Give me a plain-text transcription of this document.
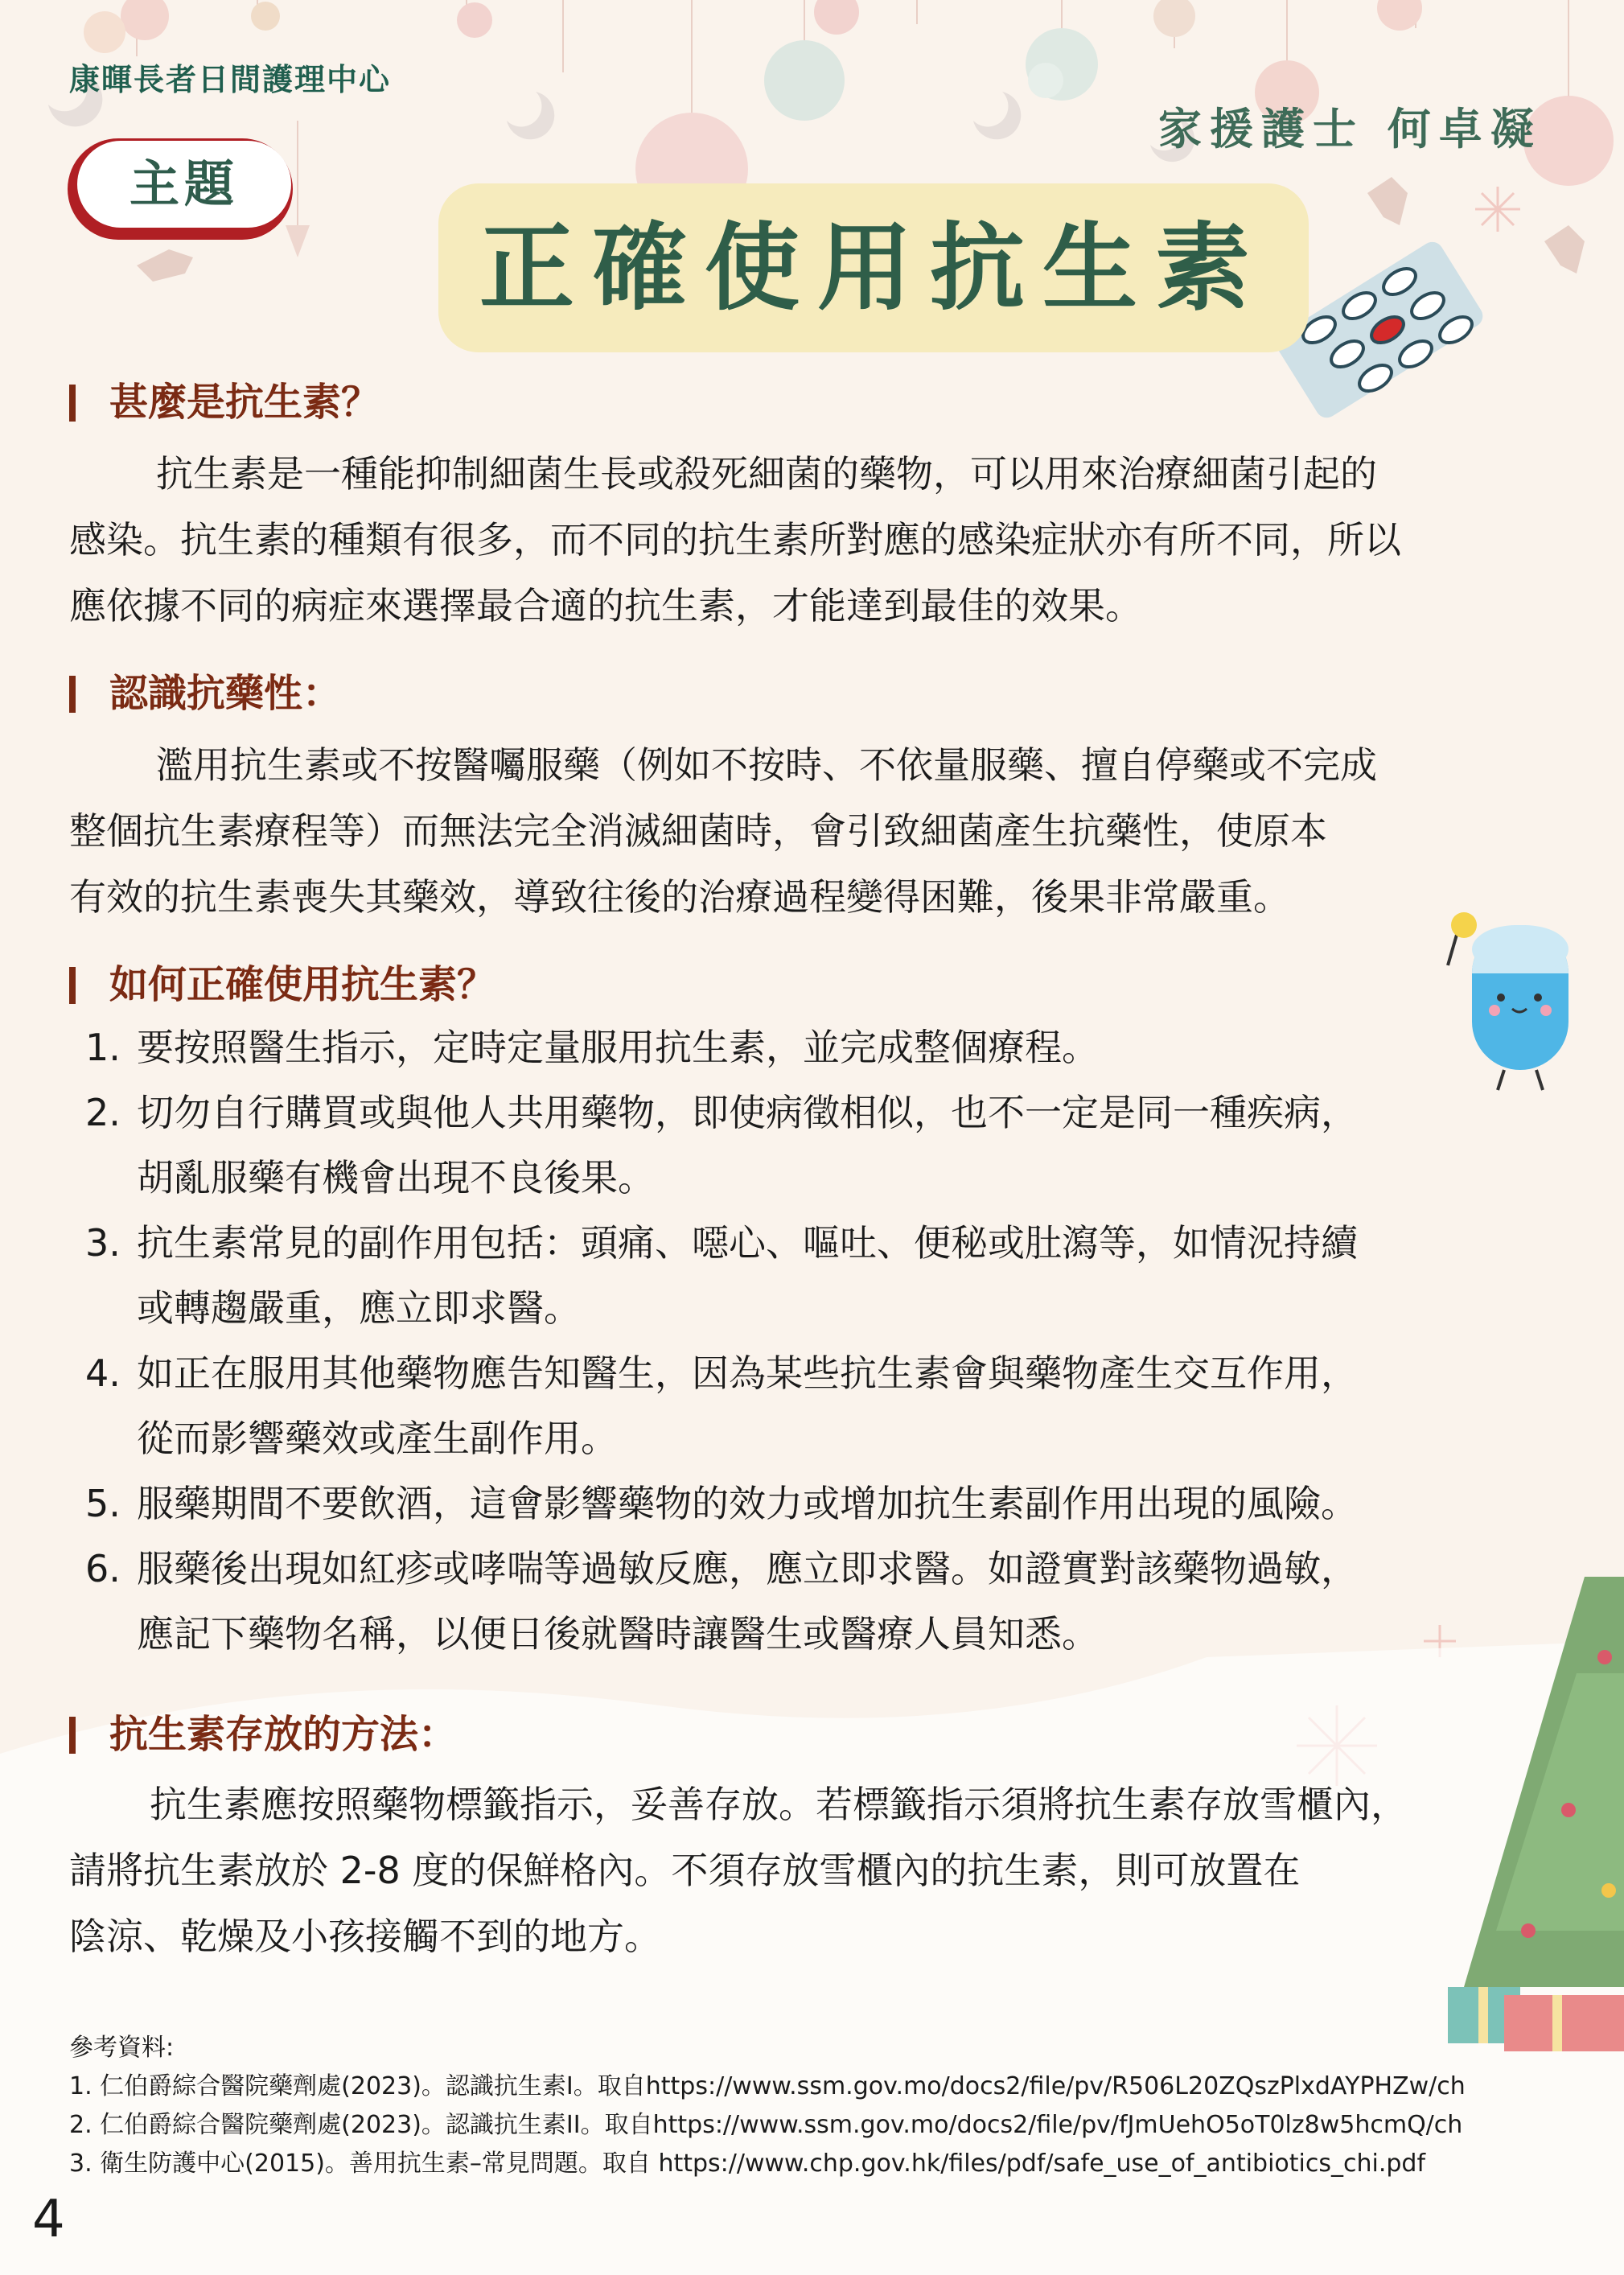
康暉長者日間護理中心
家援護士 何卓凝
主題
正確使用抗生素
甚麼是抗生素？
抗生素是一種能抑制細菌生長或殺死細菌的藥物，可以用來治療細菌引起的
感染。抗生素的種類有很多，而不同的抗生素所對應的感染症狀亦有所不同，所以
應依據不同的病症來選擇最合適的抗生素，才能達到最佳的效果。
認識抗藥性：
濫用抗生素或不按醫囑服藥（例如不按時、不依量服藥、擅自停藥或不完成
整個抗生素療程等）而無法完全消滅細菌時，會引致細菌產生抗藥性，使原本
有效的抗生素喪失其藥效，導致往後的治療過程變得困難，後果非常嚴重。
如何正確使用抗生素？
1. 要按照醫生指示，定時定量服用抗生素，並完成整個療程。
2. 切勿自行購買或與他人共用藥物，即使病徵相似，也不一定是同一種疾病，
胡亂服藥有機會出現不良後果。
3. 抗生素常見的副作用包括：頭痛、噁心、嘔吐、便秘或肚瀉等，如情況持續
或轉趨嚴重，應立即求醫。
4. 如正在服用其他藥物應告知醫生，因為某些抗生素會與藥物產生交互作用，
從而影響藥效或產生副作用。
5. 服藥期間不要飲酒，這會影響藥物的效力或增加抗生素副作用出現的風險。
6. 服藥後出現如紅疹或哮喘等過敏反應，應立即求醫。如證實對該藥物過敏，
應記下藥物名稱，以便日後就醫時讓醫生或醫療人員知悉。
抗生素存放的方法：
抗生素應按照藥物標籤指示，妥善存放。若標籤指示須將抗生素存放雪櫃內，
請將抗生素放於 2-8 度的保鮮格內。不須存放雪櫃內的抗生素，則可放置在
陰涼、乾燥及小孩接觸不到的地方。
參考資料:
1. 仁伯爵綜合醫院藥劑處(2023)。認識抗生素I。取自https://www.ssm.gov.mo/docs2/file/pv/R506L20ZQszPlxdAYPHZw/ch
2. 仁伯爵綜合醫院藥劑處(2023)。認識抗生素II。取自https://www.ssm.gov.mo/docs2/file/pv/fJmUehO5oT0lz8w5hcmQ/ch
3. 衛生防護中心(2015)。善用抗生素–常見問題。取自 https://www.chp.gov.hk/files/pdf/safe_use_of_antibiotics_chi.pdf
4
